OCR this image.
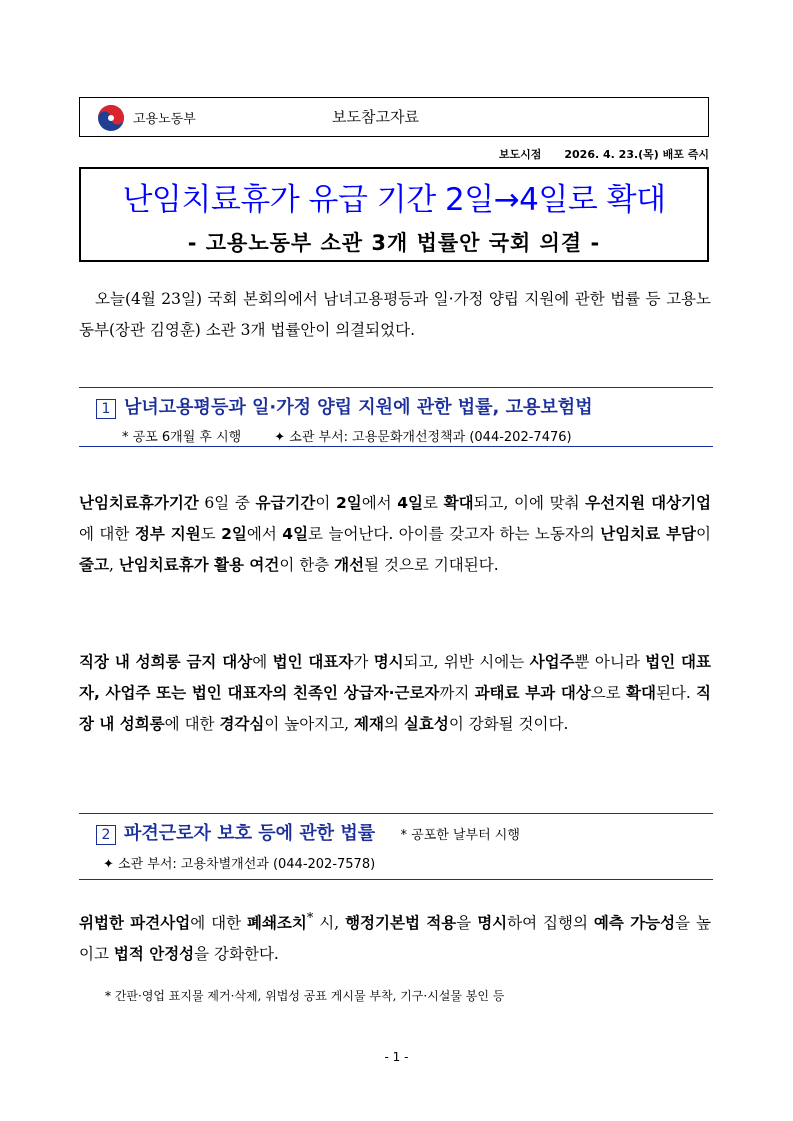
고용노동부	보도참고자료
보도시점 2026. 4. 23.(목) 배포 즉시
난임치료휴가 유급 기간 2일→4일로 확대
- 고용노동부 소관 3개 법률안 국회 의결 -
오늘(4월 23일) 국회 본회의에서 남녀고용평등과 일·가정 양립 지원에 관한 법률 등 고용노동부(장관 김영훈) 소관 3개 법률안이 의결되었다.
1 남녀고용평등과 일·가정 양립 지원에 관한 법률, 고용보험법
* 공포 6개월 후 시행	✦ 소관 부서: 고용문화개선정책과 (044-202-7476)
난임치료휴가기간 6일 중 유급기간이 2일에서 4일로 확대되고, 이에 맞춰 우선지원 대상기업에 대한 정부 지원도 2일에서 4일로 늘어난다. 아이를 갖고자 하는 노동자의 난임치료 부담이 줄고, 난임치료휴가 활용 여건이 한층 개선될 것으로 기대된다.
직장 내 성희롱 금지 대상에 법인 대표자가 명시되고, 위반 시에는 사업주뿐 아니라 법인 대표자, 사업주 또는 법인 대표자의 친족인 상급자·근로자까지 과태료 부과 대상으로 확대된다. 직장 내 성희롱에 대한 경각심이 높아지고, 제재의 실효성이 강화될 것이다.
2 파견근로자 보호 등에 관한 법률 * 공포한 날부터 시행
✦ 소관 부서: 고용차별개선과 (044-202-7578)
위법한 파견사업에 대한 폐쇄조치* 시, 행정기본법 적용을 명시하여 집행의 예측 가능성을 높이고 법적 안정성을 강화한다.
* 간판·영업 표지물 제거·삭제, 위법성 공표 게시물 부착, 기구·시설물 봉인 등
- 1 -
